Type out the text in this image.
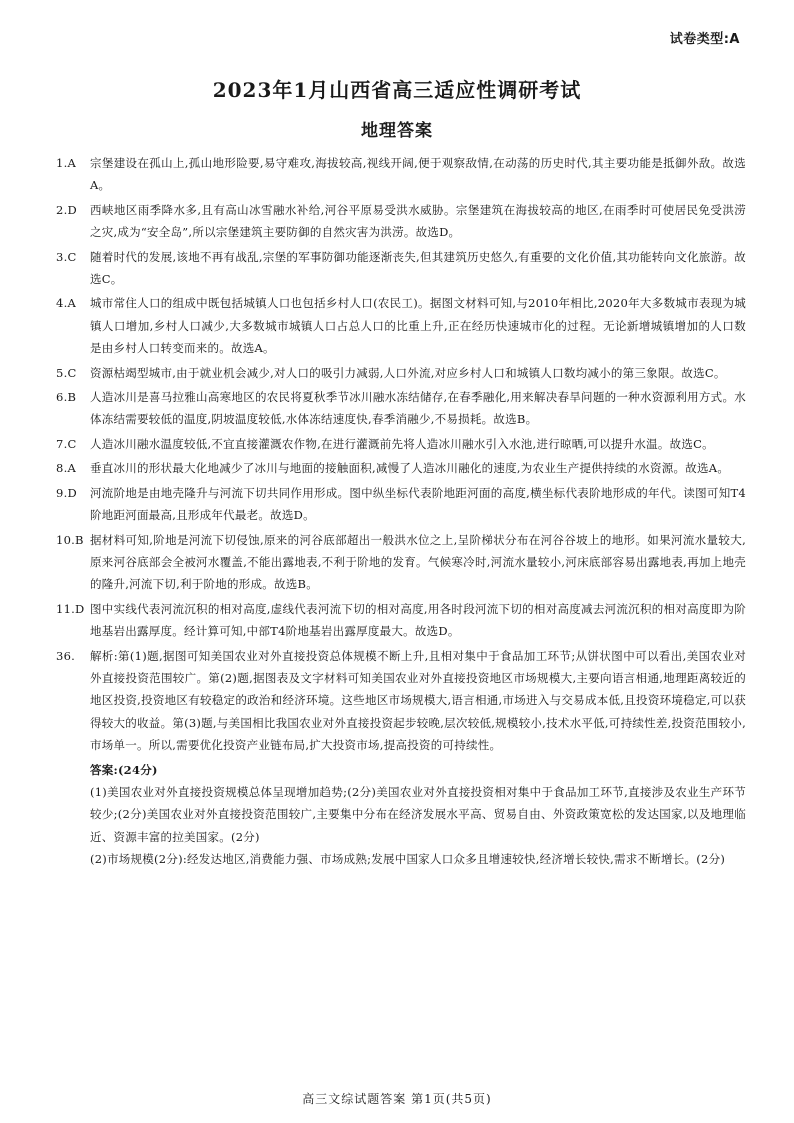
试卷类型:A
2023年1月山西省高三适应性调研考试
地理答案
1.A	宗堡建设在孤山上,孤山地形险要,易守难攻,海拔较高,视线开阔,便于观察敌情,在动荡的历史时代,其主要功能是抵御外敌。故选A。
2.D	西峡地区雨季降水多,且有高山冰雪融水补给,河谷平原易受洪水威胁。宗堡建筑在海拔较高的地区,在雨季时可使居民免受洪涝之灾,成为“安全岛”,所以宗堡建筑主要防御的自然灾害为洪涝。故选D。
3.C	随着时代的发展,该地不再有战乱,宗堡的军事防御功能逐渐丧失,但其建筑历史悠久,有重要的文化价值,其功能转向文化旅游。故选C。
4.A	城市常住人口的组成中既包括城镇人口也包括乡村人口(农民工)。据图文材料可知,与2010年相比,2020年大多数城市表现为城镇人口增加,乡村人口减少,大多数城市城镇人口占总人口的比重上升,正在经历快速城市化的过程。无论新增城镇增加的人口数是由乡村人口转变而来的。故选A。
5.C	资源枯竭型城市,由于就业机会减少,对人口的吸引力减弱,人口外流,对应乡村人口和城镇人口数均减小的第三象限。故选C。
6.B	人造冰川是喜马拉雅山高寒地区的农民将夏秋季节冰川融水冻结储存,在春季融化,用来解决春旱问题的一种水资源利用方式。水体冻结需要较低的温度,阴坡温度较低,水体冻结速度快,春季消融少,不易损耗。故选B。
7.C	人造冰川融水温度较低,不宜直接灌溉农作物,在进行灌溉前先将人造冰川融水引入水池,进行晾晒,可以提升水温。故选C。
8.A	垂直冰川的形状最大化地减少了冰川与地面的接触面积,减慢了人造冰川融化的速度,为农业生产提供持续的水资源。故选A。
9.D	河流阶地是由地壳隆升与河流下切共同作用形成。图中纵坐标代表阶地距河面的高度,横坐标代表阶地形成的年代。读图可知T4阶地距河面最高,且形成年代最老。故选D。
10.B 据材料可知,阶地是河流下切侵蚀,原来的河谷底部超出一般洪水位之上,呈阶梯状分布在河谷谷坡上的地形。如果河流水量较大,原来河谷底部会全被河水覆盖,不能出露地表,不利于阶地的发育。气候寒冷时,河流水量较小,河床底部容易出露地表,再加上地壳的隆升,河流下切,利于阶地的形成。故选B。
11.D 图中实线代表河流沉积的相对高度,虚线代表河流下切的相对高度,用各时段河流下切的相对高度减去河流沉积的相对高度即为阶地基岩出露厚度。经计算可知,中部T4阶地基岩出露厚度最大。故选D。
36.	解析:第(1)题,据图可知美国农业对外直接投资总体规模不断上升,且相对集中于食品加工环节;从饼状图中可以看出,美国农业对外直接投资范围较广。第(2)题,据图表及文字材料可知美国农业对外直接投资地区市场规模大,主要向语言相通,地理距离较近的地区投资,投资地区有较稳定的政治和经济环境。这些地区市场规模大,语言相通,市场进入与交易成本低,且投资环境稳定,可以获得较大的收益。第(3)题,与美国相比我国农业对外直接投资起步较晚,层次较低,规模较小,技术水平低,可持续性差,投资范围较小,市场单一。所以,需要优化投资产业链布局,扩大投资市场,提高投资的可持续性。
答案:(24分)
(1)美国农业对外直接投资规模总体呈现增加趋势;(2分)美国农业对外直接投资相对集中于食品加工环节,直接涉及农业生产环节较少;(2分)美国农业对外直接投资范围较广,主要集中分布在经济发展水平高、贸易自由、外资政策宽松的发达国家,以及地理临近、资源丰富的拉美国家。(2分)
(2)市场规模(2分):经发达地区,消费能力强、市场成熟;发展中国家人口众多且增速较快,经济增长较快,需求不断增长。(2分)
高三文综试题答案 第1页(共5页)
